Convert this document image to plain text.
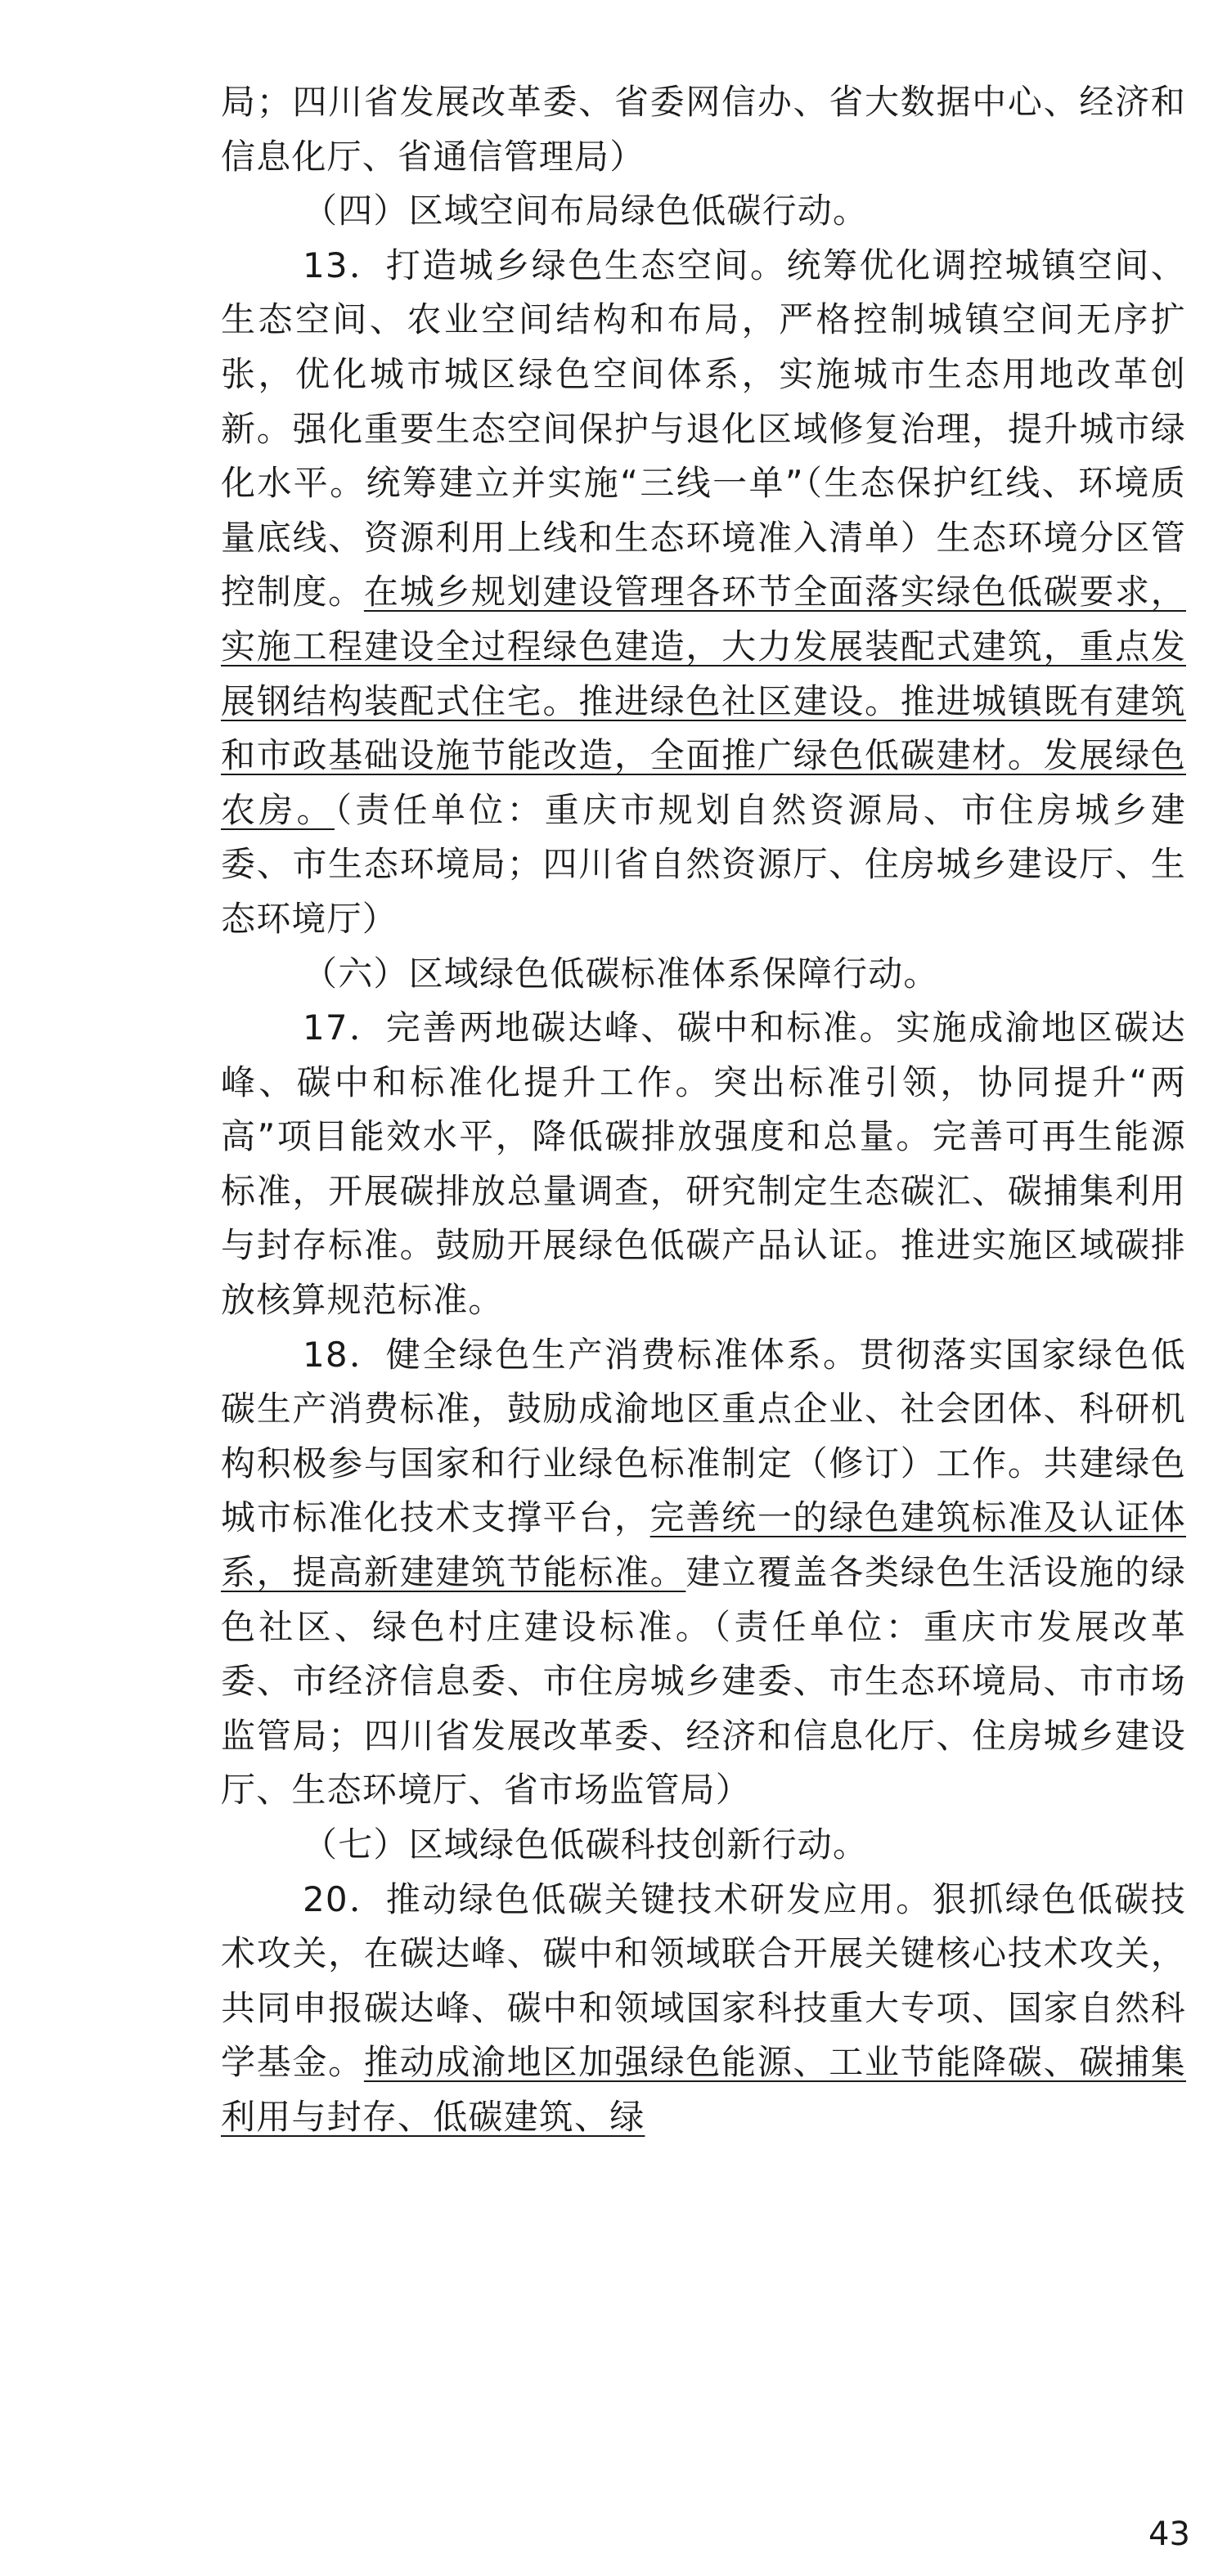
局；四川省发展改革委、省委网信办、省大数据中心、经济和信息化厅、省通信管理局）

（四）区域空间布局绿色低碳行动。

13．打造城乡绿色生态空间。统筹优化调控城镇空间、生态空间、农业空间结构和布局，严格控制城镇空间无序扩张，优化城市城区绿色空间体系，实施城市生态用地改革创新。强化重要生态空间保护与退化区域修复治理，提升城市绿化水平。统筹建立并实施“三线一单”（生态保护红线、环境质量底线、资源利用上线和生态环境准入清单）生态环境分区管控制度。在城乡规划建设管理各环节全面落实绿色低碳要求，实施工程建设全过程绿色建造，大力发展装配式建筑，重点发展钢结构装配式住宅。推进绿色社区建设。推进城镇既有建筑和市政基础设施节能改造，全面推广绿色低碳建材。发展绿色农房。（责任单位：重庆市规划自然资源局、市住房城乡建委、市生态环境局；四川省自然资源厅、住房城乡建设厅、生态环境厅）

（六）区域绿色低碳标准体系保障行动。

17．完善两地碳达峰、碳中和标准。实施成渝地区碳达峰、碳中和标准化提升工作。突出标准引领，协同提升“两高”项目能效水平，降低碳排放强度和总量。完善可再生能源标准，开展碳排放总量调查，研究制定生态碳汇、碳捕集利用与封存标准。鼓励开展绿色低碳产品认证。推进实施区域碳排放核算规范标准。

18．健全绿色生产消费标准体系。贯彻落实国家绿色低碳生产消费标准，鼓励成渝地区重点企业、社会团体、科研机构积极参与国家和行业绿色标准制定（修订）工作。共建绿色城市标准化技术支撑平台，完善统一的绿色建筑标准及认证体系，提高新建建筑节能标准。建立覆盖各类绿色生活设施的绿色社区、绿色村庄建设标准。（责任单位：重庆市发展改革委、市经济信息委、市住房城乡建委、市生态环境局、市市场监管局；四川省发展改革委、经济和信息化厅、住房城乡建设厅、生态环境厅、省市场监管局）

（七）区域绿色低碳科技创新行动。

20．推动绿色低碳关键技术研发应用。狠抓绿色低碳技术攻关，在碳达峰、碳中和领域联合开展关键核心技术攻关，共同申报碳达峰、碳中和领域国家科技重大专项、国家自然科学基金。推动成渝地区加强绿色能源、工业节能降碳、碳捕集利用与封存、低碳建筑、绿

43
